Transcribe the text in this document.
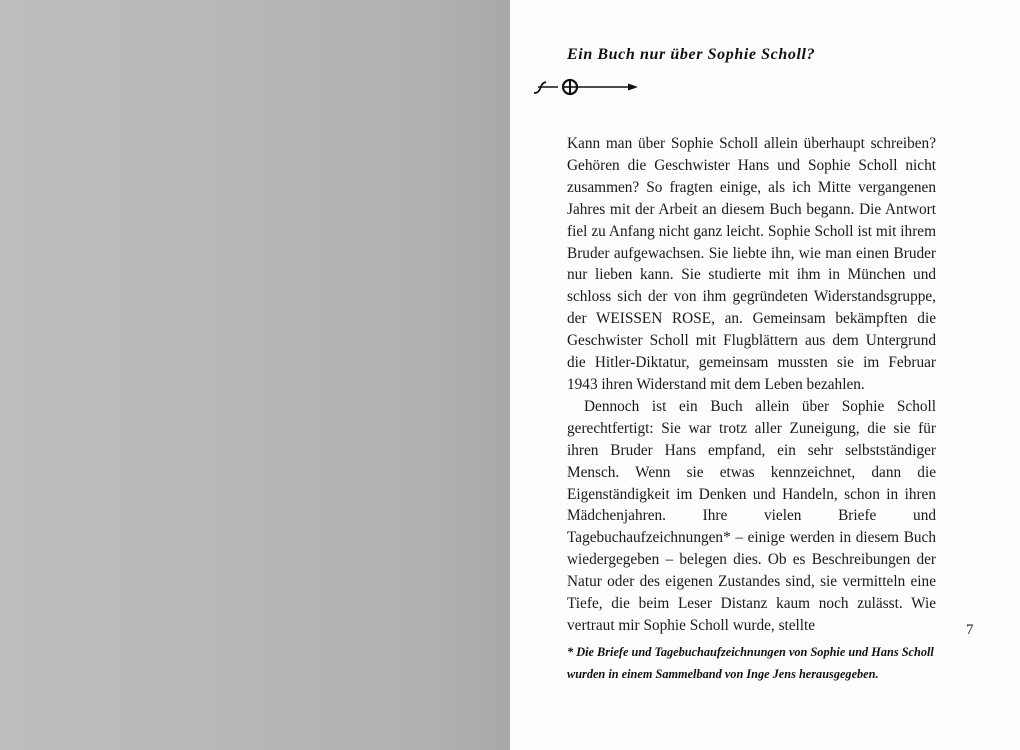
Ein Buch nur über Sophie Scholl?

Kann man über Sophie Scholl allein überhaupt schreiben? Gehören die Geschwister Hans und Sophie Scholl nicht zusammen? So fragten einige, als ich Mitte vergangenen Jahres mit der Arbeit an diesem Buch begann. Die Antwort fiel zu Anfang nicht ganz leicht. Sophie Scholl ist mit ihrem Bruder aufgewachsen. Sie liebte ihn, wie man einen Bruder nur lieben kann. Sie studierte mit ihm in München und schloss sich der von ihm gegründeten Widerstandsgruppe, der WEISSEN ROSE, an. Gemeinsam bekämpften die Geschwister Scholl mit Flugblättern aus dem Untergrund die Hitler-Diktatur, gemeinsam mussten sie im Februar 1943 ihren Widerstand mit dem Leben bezahlen.

Dennoch ist ein Buch allein über Sophie Scholl gerechtfertigt: Sie war trotz aller Zuneigung, die sie für ihren Bruder Hans empfand, ein sehr selbstständiger Mensch. Wenn sie etwas kennzeichnet, dann die Eigenständigkeit im Denken und Handeln, schon in ihren Mädchenjahren. Ihre vielen Briefe und Tagebuchaufzeichnungen* – einige werden in diesem Buch wiedergegeben – belegen dies. Ob es Beschreibungen der Natur oder des eigenen Zustandes sind, sie vermitteln eine Tiefe, die beim Leser Distanz kaum noch zulässt. Wie vertraut mir Sophie Scholl wurde, stellte	7
* Die Briefe und Tagebuchaufzeichnungen von Sophie und Hans Scholl
wurden in einem Sammelband von Inge Jens herausgegeben.
